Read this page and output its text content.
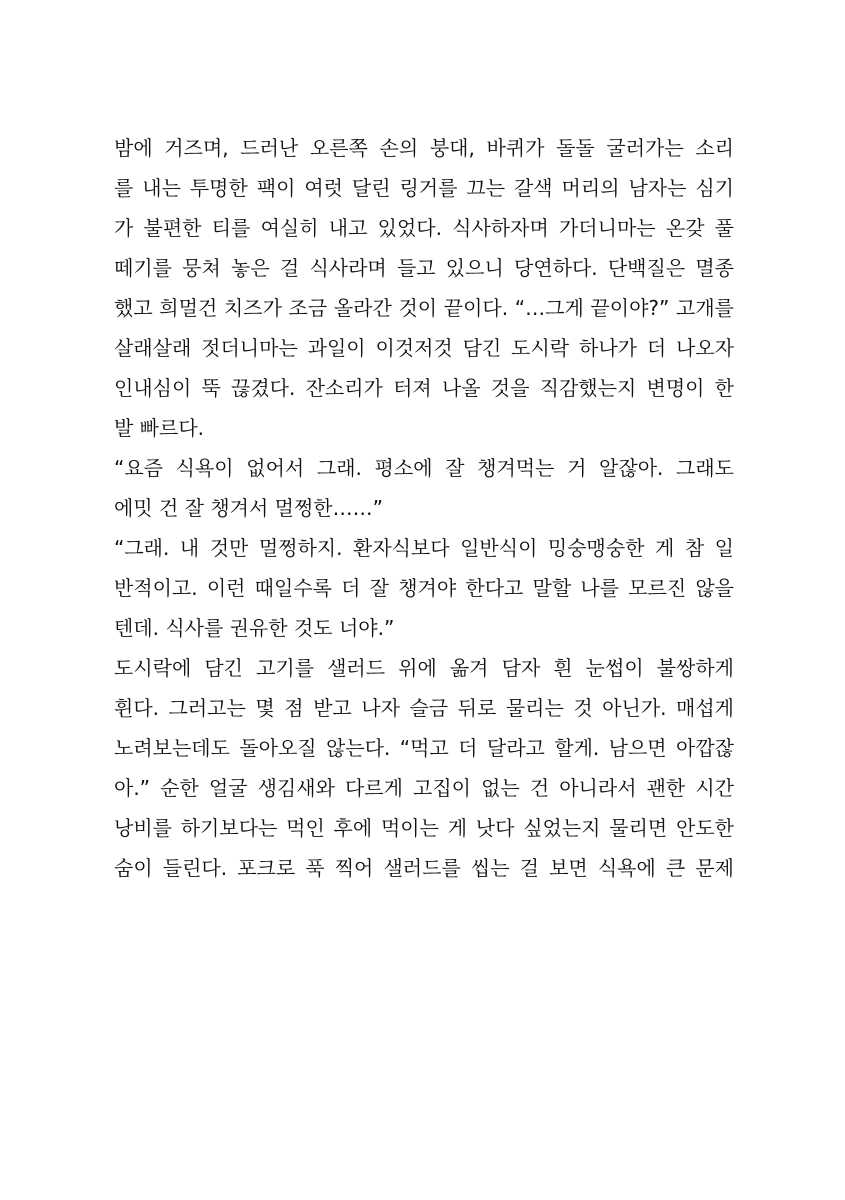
밤에 거즈며, 드러난 오른쪽 손의 붕대, 바퀴가 돌돌 굴러가는 소리
를 내는 투명한 팩이 여럿 달린 링거를 끄는 갈색 머리의 남자는 심기
가 불편한 티를 여실히 내고 있었다. 식사하자며 가더니마는 온갖 풀
떼기를 뭉쳐 놓은 걸 식사라며 들고 있으니 당연하다. 단백질은 멸종
했고 희멀건 치즈가 조금 올라간 것이 끝이다. “…그게 끝이야?” 고개를
살래살래 젓더니마는 과일이 이것저것 담긴 도시락 하나가 더 나오자
인내심이 뚝 끊겼다. 잔소리가 터져 나올 것을 직감했는지 변명이 한
발 빠르다.
“요즘 식욕이 없어서 그래. 평소에 잘 챙겨먹는 거 알잖아. 그래도
에밋 건 잘 챙겨서 멀쩡한……”
“그래. 내 것만 멀쩡하지. 환자식보다 일반식이 밍숭맹숭한 게 참 일
반적이고. 이런 때일수록 더 잘 챙겨야 한다고 말할 나를 모르진 않을
텐데. 식사를 권유한 것도 너야.”
도시락에 담긴 고기를 샐러드 위에 옮겨 담자 흰 눈썹이 불쌍하게
휜다. 그러고는 몇 점 받고 나자 슬금 뒤로 물리는 것 아닌가. 매섭게
노려보는데도 돌아오질 않는다. “먹고 더 달라고 할게. 남으면 아깝잖
아.” 순한 얼굴 생김새와 다르게 고집이 없는 건 아니라서 괜한 시간
낭비를 하기보다는 먹인 후에 먹이는 게 낫다 싶었는지 물리면 안도한
숨이 들린다. 포크로 푹 찍어 샐러드를 씹는 걸 보면 식욕에 큰 문제
